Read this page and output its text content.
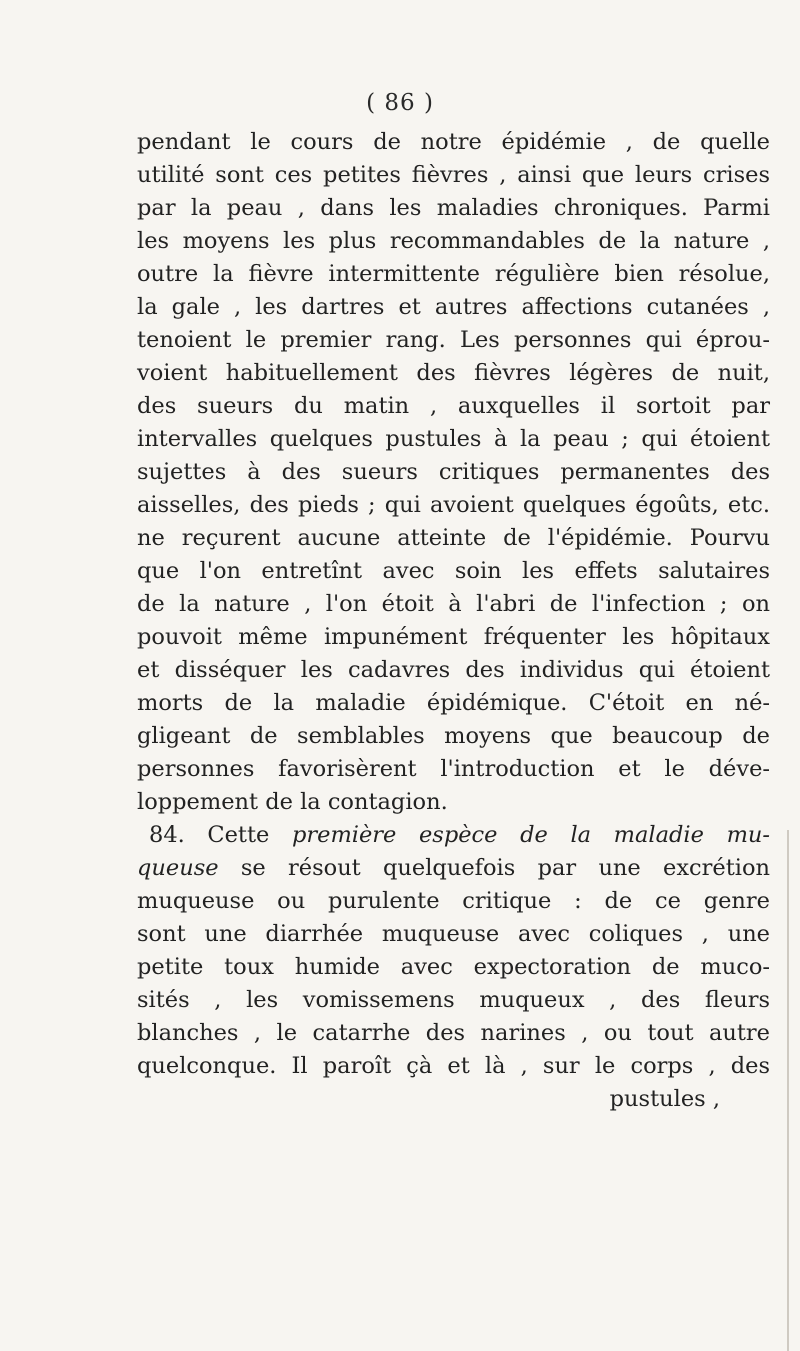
( 86 )
pendant le cours de notre épidémie , de quelle
utilité sont ces petites fièvres , ainsi que leurs crises
par la peau , dans les maladies chroniques. Parmi
les moyens les plus recommandables de la nature ,
outre la fièvre intermittente régulière bien résolue,
la gale , les dartres et autres affections cutanées ,
tenoient le premier rang. Les personnes qui éprou-
voient habituellement des fièvres légères de nuit,
des sueurs du matin , auxquelles il sortoit par
intervalles quelques pustules à la peau ; qui étoient
sujettes à des sueurs critiques permanentes des
aisselles, des pieds ; qui avoient quelques égoûts, etc.
ne reçurent aucune atteinte de l'épidémie. Pourvu
que l'on entretînt avec soin les effets salutaires
de la nature , l'on étoit à l'abri de l'infection ; on
pouvoit même impunément fréquenter les hôpitaux
et disséquer les cadavres des individus qui étoient
morts de la maladie épidémique. C'étoit en né-
gligeant de semblables moyens que beaucoup de
personnes favorisèrent l'introduction et le déve-
loppement de la contagion.
84. Cette première espèce de la maladie mu-
queuse se résout quelquefois par une excrétion
muqueuse ou purulente critique : de ce genre
sont une diarrhée muqueuse avec coliques , une
petite toux humide avec expectoration de muco-
sités , les vomissemens muqueux , des fleurs
blanches , le catarrhe des narines , ou tout autre
quelconque. Il paroît çà et là , sur le corps , des
pustules ,
